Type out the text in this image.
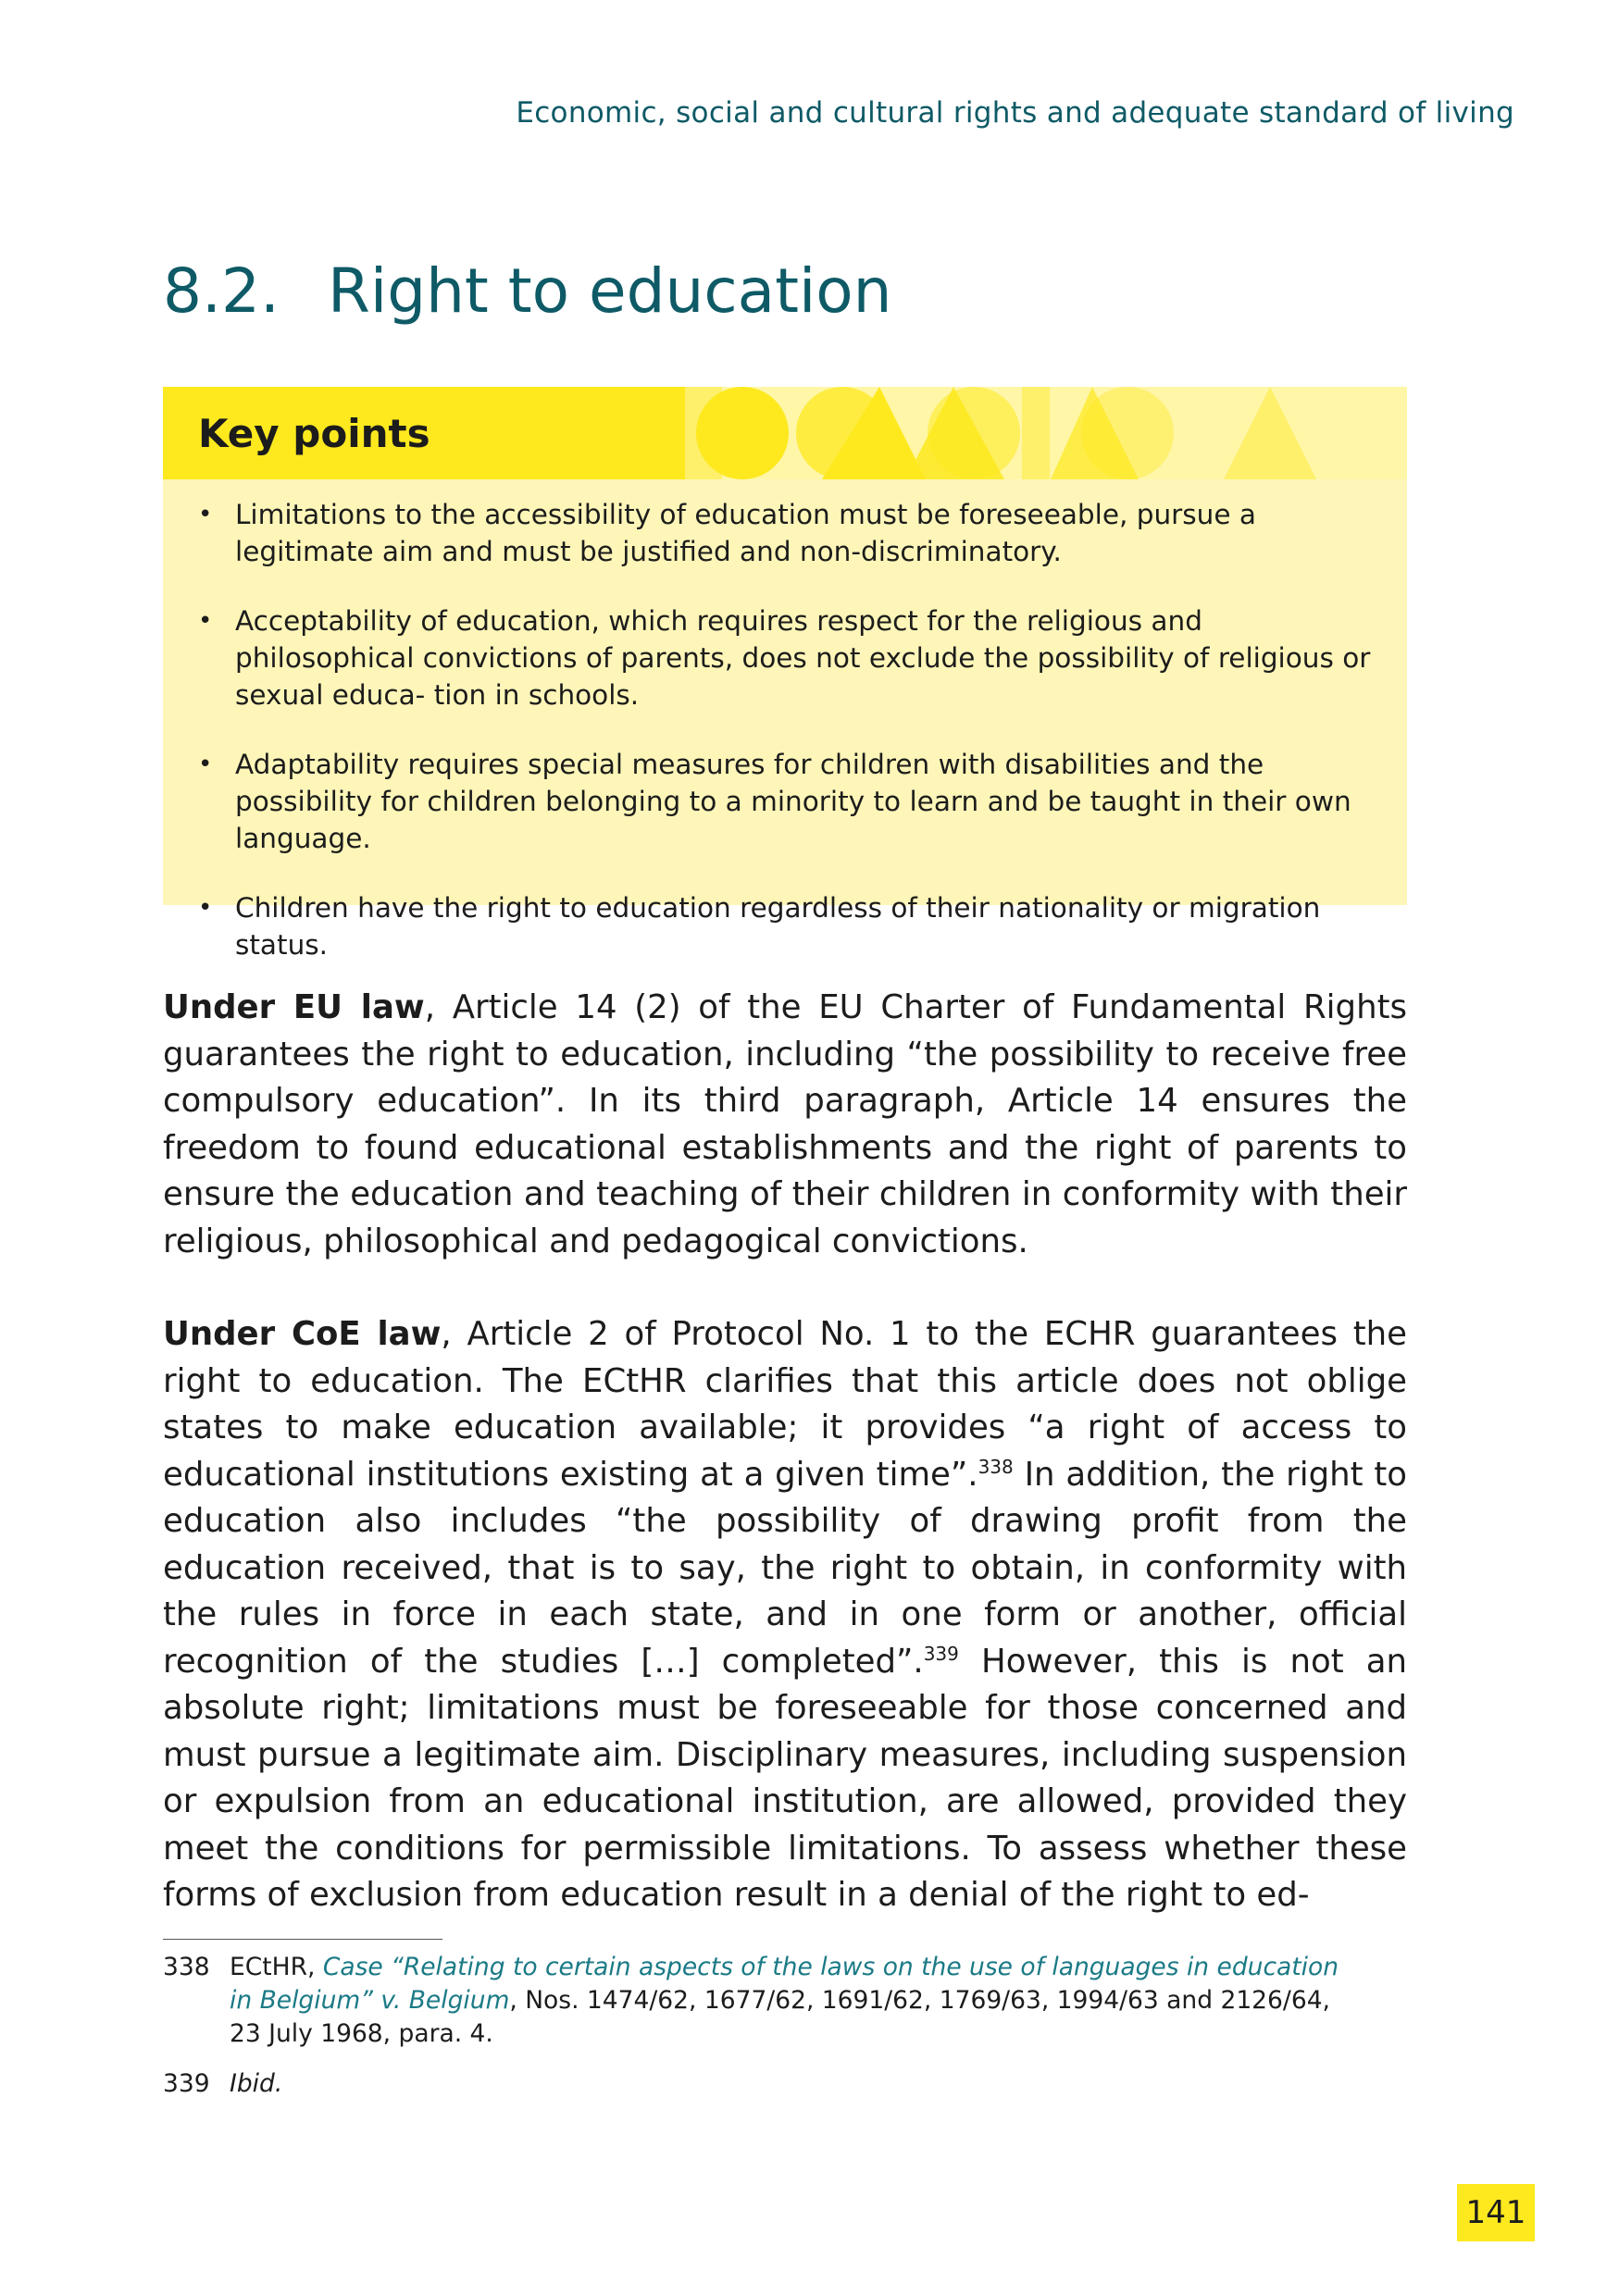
Economic, social and cultural rights and adequate standard of living
8.2. Right to education
Key points
• Limitations to the accessibility of education must be foreseeable, pursue a legitimate aim and must be justified and non-discriminatory.
• Acceptability of education, which requires respect for the religious and philosophical convictions of parents, does not exclude the possibility of religious or sexual educa- tion in schools.
• Adaptability requires special measures for children with disabilities and the possibility for children belonging to a minority to learn and be taught in their own language.
• Children have the right to education regardless of their nationality or migration status.

Under EU law, Article 14 (2) of the EU Charter of Fundamental Rights guarantees the right to education, including “the possibility to receive free compulsory education”. In its third paragraph, Article 14 ensures the freedom to found educational establishments and the right of parents to ensure the education and teaching of their children in conformity with their religious, philosophical and pedagogical convictions.

Under CoE law, Article 2 of Protocol No. 1 to the ECHR guarantees the right to education. The ECtHR clarifies that this article does not oblige states to make education available; it provides “a right of access to educational institutions existing at a given time”.$^{338}$ In addition, the right to education also includes “the possibility of drawing profit from the education received, that is to say, the right to obtain, in conformity with the rules in force in each state, and in one form or another, official recognition of the studies […] completed”.$^{339}$ However, this is not an absolute right; limitations must be foreseeable for those concerned and must pursue a legitimate aim. Disciplinary measures, including suspension or expulsion from an educational institution, are allowed, provided they meet the conditions for permissible limitations. To assess whether these forms of exclusion from education result in a denial of the right to ed-

338 ECtHR, Case “Relating to certain aspects of the laws on the use of languages in education in Belgium” v. Belgium, Nos. 1474/62, 1677/62, 1691/62, 1769/63, 1994/63 and 2126/64, 23 July 1968, para. 4.
339 Ibid.
141
